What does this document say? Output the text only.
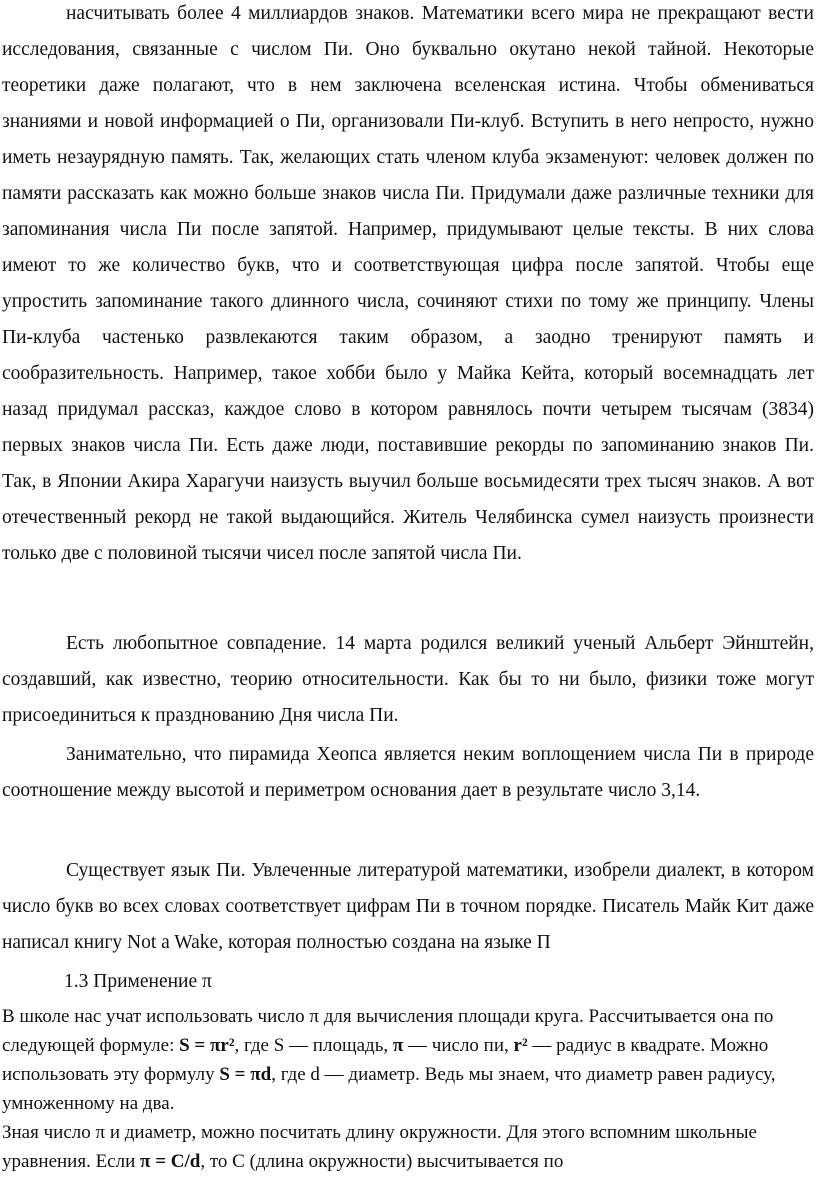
насчитывать более 4 миллиардов знаков. Математики всего мира не прекращают вести исследования, связанные с числом Пи. Оно буквально окутано некой тайной. Некоторые теоретики даже полагают, что в нем заключена вселенская истина. Чтобы обмениваться знаниями и новой информацией о Пи, организовали Пи-клуб. Вступить в него непросто, нужно иметь незаурядную память. Так, желающих стать членом клуба экзаменуют: человек должен по памяти рассказать как можно больше знаков числа Пи. Придумали даже различные техники для запоминания числа Пи после запятой. Например, придумывают целые тексты. В них слова имеют то же количество букв, что и соответствующая цифра после запятой. Чтобы еще упростить запоминание такого длинного числа, сочиняют стихи по тому же принципу. Члены Пи-клуба частенько развлекаются таким образом, а заодно тренируют память и сообразительность. Например, такое хобби было у Майка Кейта, который восемнадцать лет назад придумал рассказ, каждое слово в котором равнялось почти четырем тысячам (3834) первых знаков числа Пи. Есть даже люди, поставившие рекорды по запоминанию знаков Пи. Так, в Японии Акира Харагучи наизусть выучил больше восьмидесяти трех тысяч знаков. А вот отечественный рекорд не такой выдающийся. Житель Челябинска сумел наизусть произнести только две с половиной тысячи чисел после запятой числа Пи.

Есть любопытное совпадение. 14 марта родился великий ученый Альберт Эйнштейн, создавший, как известно, теорию относительности. Как бы то ни было, физики тоже могут присоединиться к празднованию Дня числа Пи.

Занимательно, что пирамида Хеопса является неким воплощением числа Пи в природе соотношение между высотой и периметром основания дает в результате число 3,14.

Существует язык Пи. Увлеченные литературой математики, изобрели диалект, в котором число букв во всех словах соответствует цифрам Пи в точном порядке. Писатель Майк Кит даже написал книгу Not a Wake, которая полностью создана на языке П

1.3 Применение π

В школе нас учат использовать число π для вычисления площади круга. Рассчитывается она по следующей формуле: S = πr², где S — площадь, π — число пи, r² — радиус в квадрате. Можно использовать эту формулу S = πd, где d — диаметр. Ведь мы знаем, что диаметр равен радиусу, умноженному на два.

Зная число π и диаметр, можно посчитать длину окружности. Для этого вспомним школьные уравнения. Если π = C/d, то С (длина окружности) высчитывается по
